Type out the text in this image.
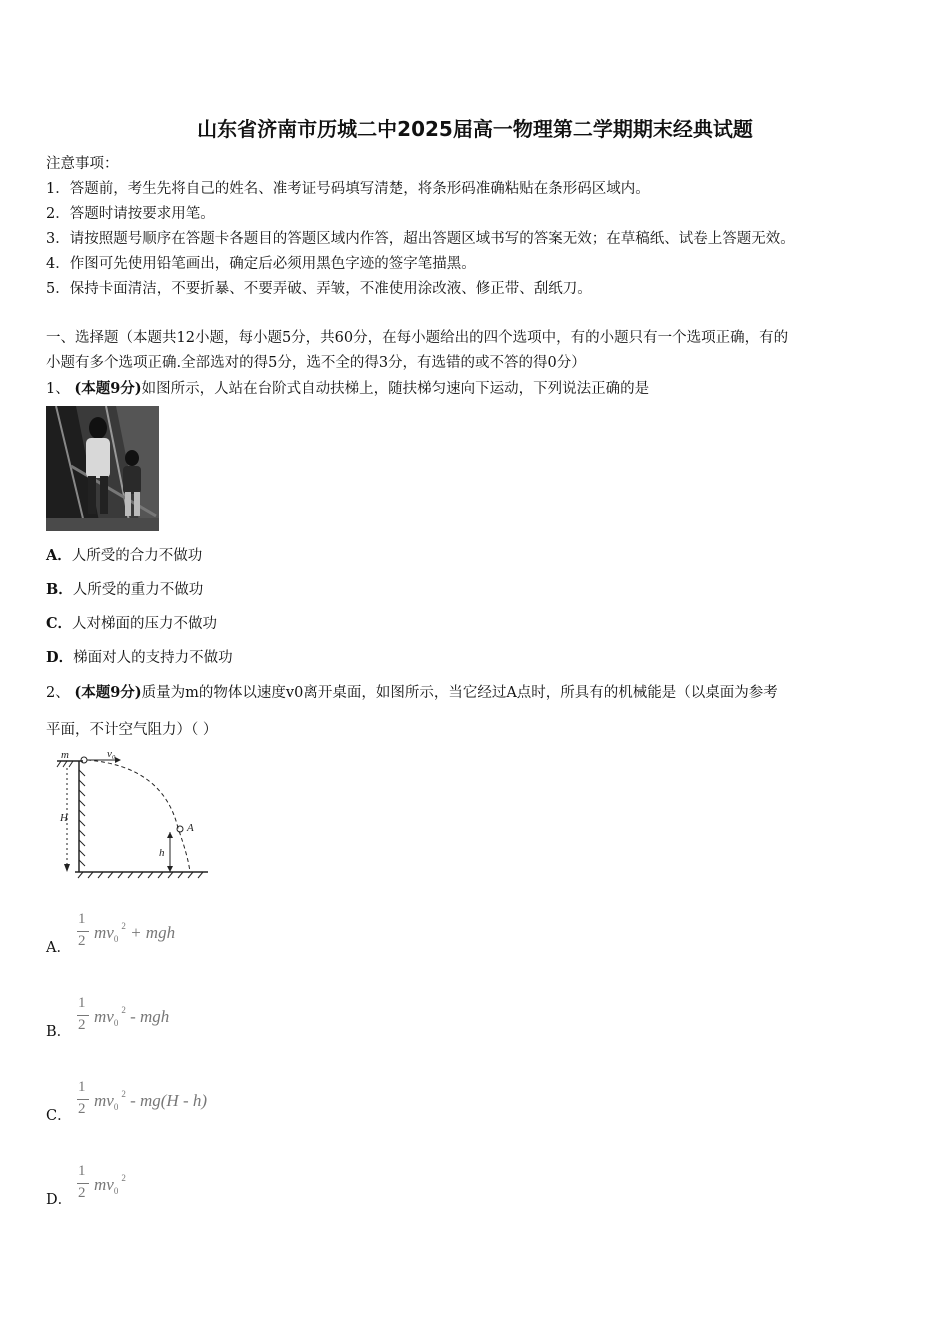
山东省济南市历城二中2025届高一物理第二学期期末经典试题
注意事项：
1．答题前，考生先将自己的姓名、准考证号码填写清楚，将条形码准确粘贴在条形码区域内。
2．答题时请按要求用笔。
3．请按照题号顺序在答题卡各题目的答题区域内作答，超出答题区域书写的答案无效；在草稿纸、试卷上答题无效。
4．作图可先使用铅笔画出，确定后必须用黑色字迹的签字笔描黑。
5．保持卡面清洁，不要折暴、不要弄破、弄皱，不准使用涂改液、修正带、刮纸刀。
一、选择题（本题共12小题，每小题5分，共60分，在每小题给出的四个选项中，有的小题只有一个选项正确，有的
小题有多个选项正确.全部选对的得5分，选不全的得3分，有选错的或不答的得0分）
1、 (本题9分)如图所示，人站在台阶式自动扶梯上，随扶梯匀速向下运动，下列说法正确的是
A．人所受的合力不做功
B．人所受的重力不做功
C．人对梯面的压力不做功
D．梯面对人的支持力不做功
2、 (本题9分)质量为m的物体以速度v0离开桌面，如图所示，当它经过A点时，所具有的机械能是（以桌面为参考
平面，不计空气阻力）（ ）
m	v₀
H
A
h
A．
1
2 $mv_0^2$ + mgh
B．
1
2 $mv_0^2$ - mgh
C．
1
2 $mv_0^2 - mg(H - h)$
D．
1
2 $mv_0^2$
